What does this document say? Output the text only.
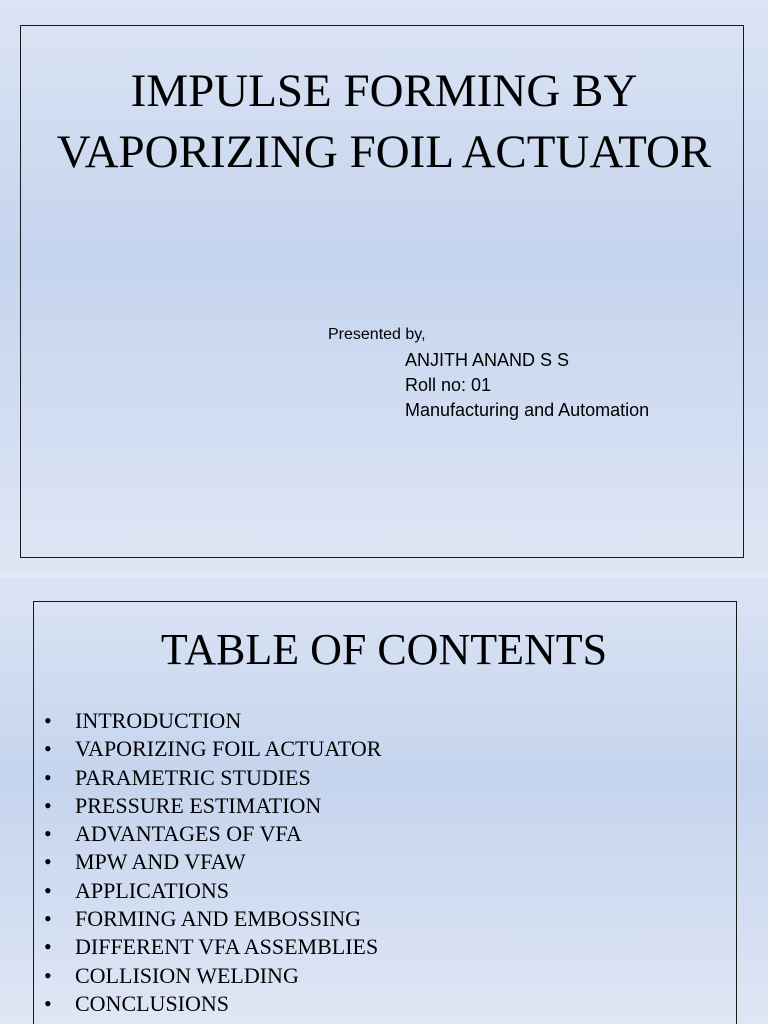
IMPULSE FORMING BY
VAPORIZING FOIL ACTUATOR
Presented by,
ANJITH ANAND S S
Roll no: 01
Manufacturing and Automation
TABLE OF CONTENTS
• INTRODUCTION
• VAPORIZING FOIL ACTUATOR
• PARAMETRIC STUDIES
• PRESSURE ESTIMATION
• ADVANTAGES OF VFA
• MPW AND VFAW
• APPLICATIONS
• FORMING AND EMBOSSING
• DIFFERENT VFA ASSEMBLIES
• COLLISION WELDING
• CONCLUSIONS
